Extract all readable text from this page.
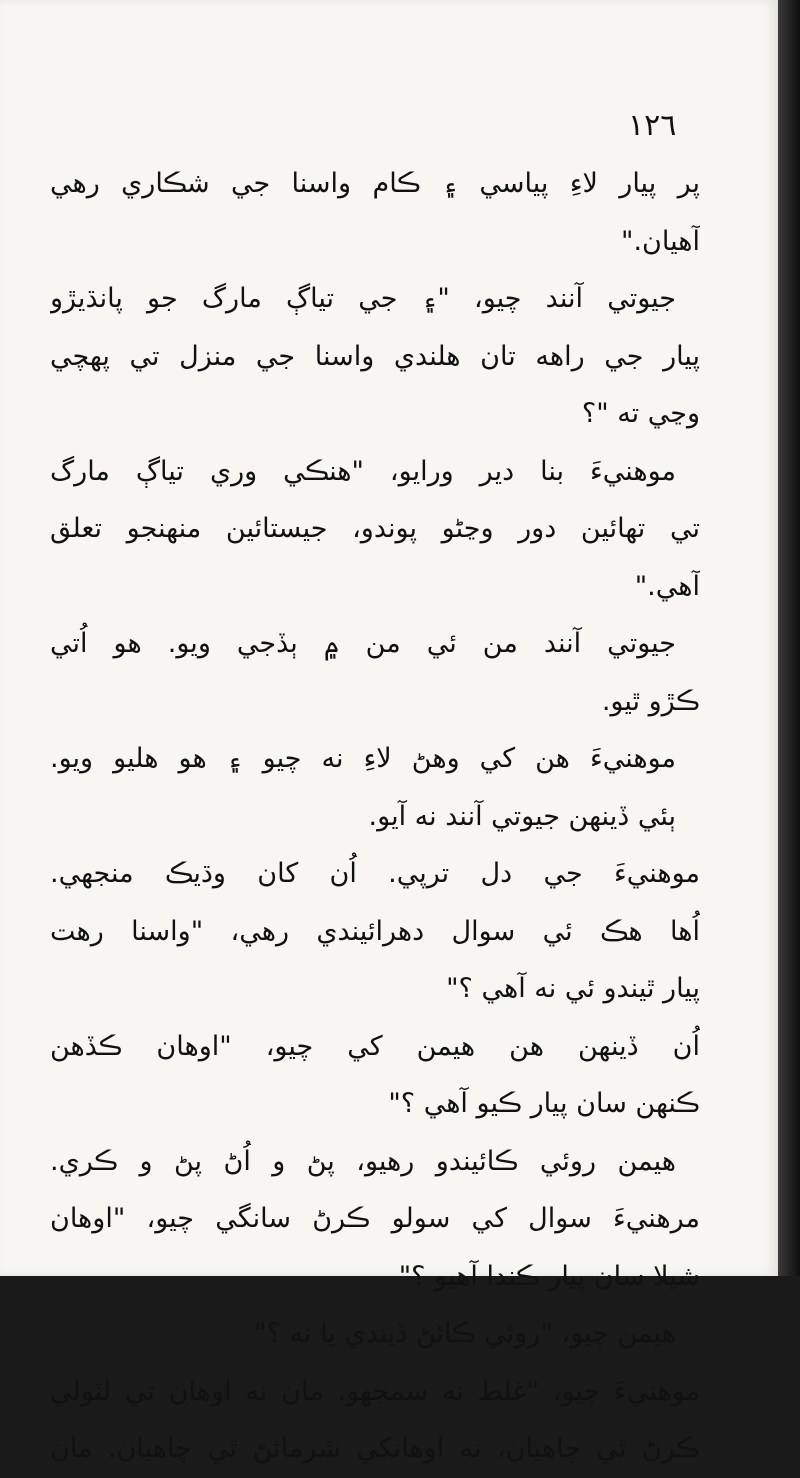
١٢٦
پر پيار لاءِ پياسي ۽ ڪام واسنا جي شڪاري رهي
آهيان."
جيوتي آنند چيو، "۽ جي تياڳ مارگ جو پانڌيڙو
پيار جي راهه تان هلندي واسنا جي منزل تي پهچي
وڃي ته "؟
موهنيءَ بنا دير ورايو، "هنڪي وري تياڳ مارگ
تي تهائين دور وڃڻو پوندو، جيستائين منهنجو تعلق
آهي."
جيوتي آنند من ئي من ۾ ٻڏجي ويو. هو اُتي
ڪڙو ٿيو.
موهنيءَ هن کي وهڻ لاءِ نه چيو ۽ هو هليو ويو.
ٻئي ڏينهن جيوتي آنند نه آيو.
موهنيءَ جي دل ترپي. اُن کان وڌيڪ منجهي.
اُها هڪ ئي سوال دهرائيندي رهي، "واسنا رهت
پيار ٿيندو ئي نه آهي ؟"
اُن ڏينهن هن هيمن کي چيو، "اوهان ڪڏهن
ڪنهن سان پيار ڪيو آهي ؟"
هيمن روئي ڪائيندو رهيو، پڻ و اُڻ پڻ و ڪري.
مرهنيءَ سوال کي سولو ڪرڻ سانگي چيو، "اوهان
شيلا سان پيار ڪندا آهيو ؟"
هيمن چيو، "روئي ڪائڻ ڏيندي يا نه ؟"
موهنيءَ چيو، "غلط نه سمجهو. مان نه اوهان تي لٽولي
ڪرڻ ٿي چاهيان، نه اوهانکي شرمائڻ ٿي چاهيان. مان
